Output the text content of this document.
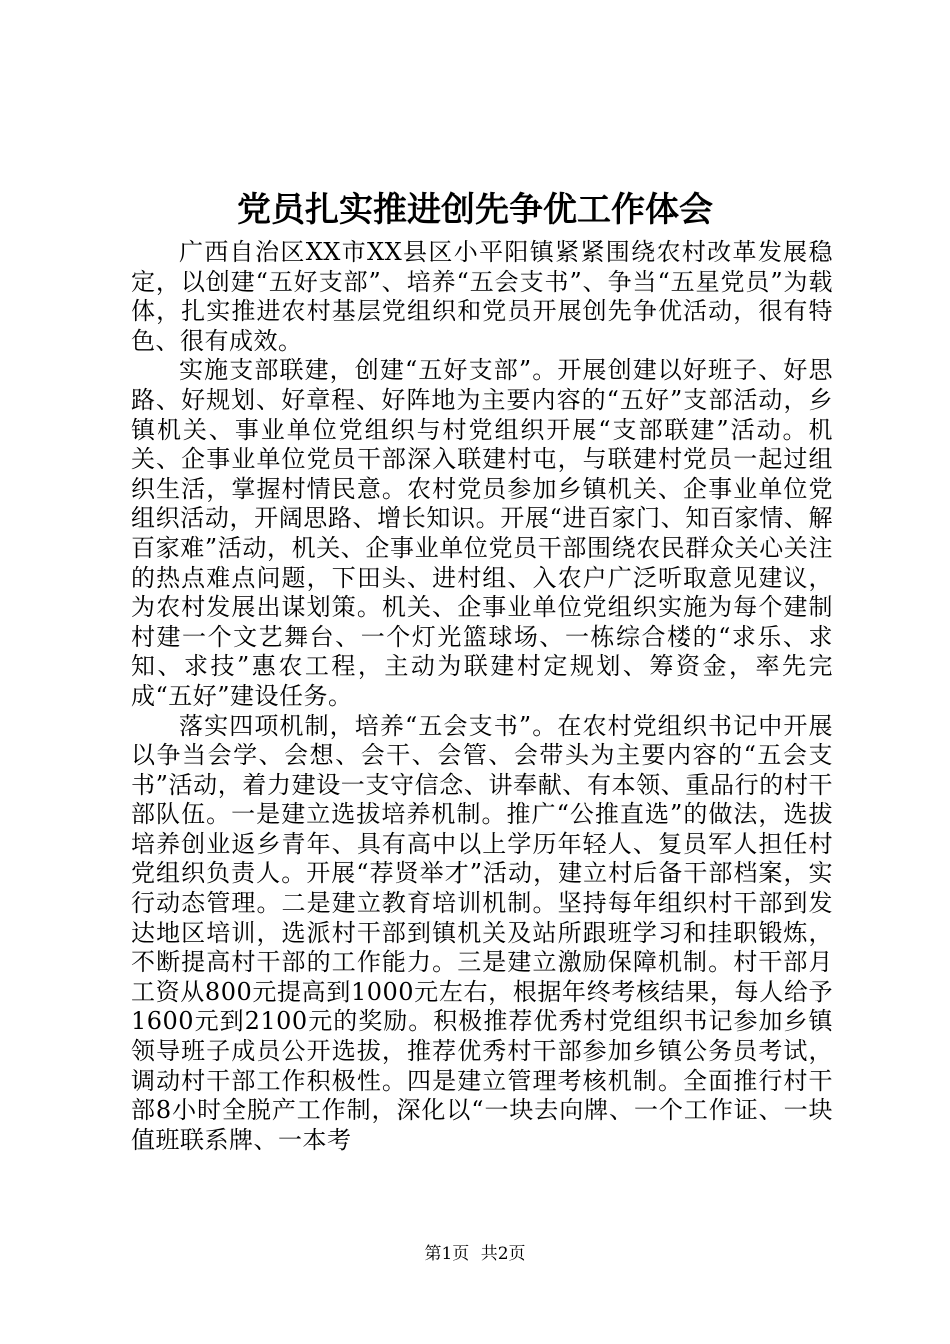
党员扎实推进创先争优工作体会

广西自治区XX市XX县区小平阳镇紧紧围绕农村改革发展稳定，以创建“五好支部”、培养“五会支书”、争当“五星党员”为载体，扎实推进农村基层党组织和党员开展创先争优活动，很有特色、很有成效。

实施支部联建，创建“五好支部”。开展创建以好班子、好思路、好规划、好章程、好阵地为主要内容的“五好”支部活动，乡镇机关、事业单位党组织与村党组织开展“支部联建”活动。机关、企事业单位党员干部深入联建村屯，与联建村党员一起过组织生活，掌握村情民意。农村党员参加乡镇机关、企事业单位党组织活动，开阔思路、增长知识。开展“进百家门、知百家情、解百家难”活动，机关、企事业单位党员干部围绕农民群众关心关注的热点难点问题，下田头、进村组、入农户广泛听取意见建议，为农村发展出谋划策。机关、企事业单位党组织实施为每个建制村建一个文艺舞台、一个灯光篮球场、一栋综合楼的“求乐、求知、求技”惠农工程，主动为联建村定规划、筹资金，率先完成“五好”建设任务。

落实四项机制，培养“五会支书”。在农村党组织书记中开展以争当会学、会想、会干、会管、会带头为主要内容的“五会支书”活动，着力建设一支守信念、讲奉献、有本领、重品行的村干部队伍。一是建立选拔培养机制。推广“公推直选”的做法，选拔培养创业返乡青年、具有高中以上学历年轻人、复员军人担任村党组织负责人。开展“荐贤举才”活动，建立村后备干部档案，实行动态管理。二是建立教育培训机制。坚持每年组织村干部到发达地区培训，选派村干部到镇机关及站所跟班学习和挂职锻炼，不断提高村干部的工作能力。三是建立激励保障机制。村干部月工资从800元提高到1000元左右，根据年终考核结果，每人给予1600元到2100元的奖励。积极推荐优秀村党组织书记参加乡镇领导班子成员公开选拔，推荐优秀村干部参加乡镇公务员考试，调动村干部工作积极性。四是建立管理考核机制。全面推行村干部8小时全脱产工作制，深化以“一块去向牌、一个工作证、一块值班联系牌、一本考

第1页 共2页
